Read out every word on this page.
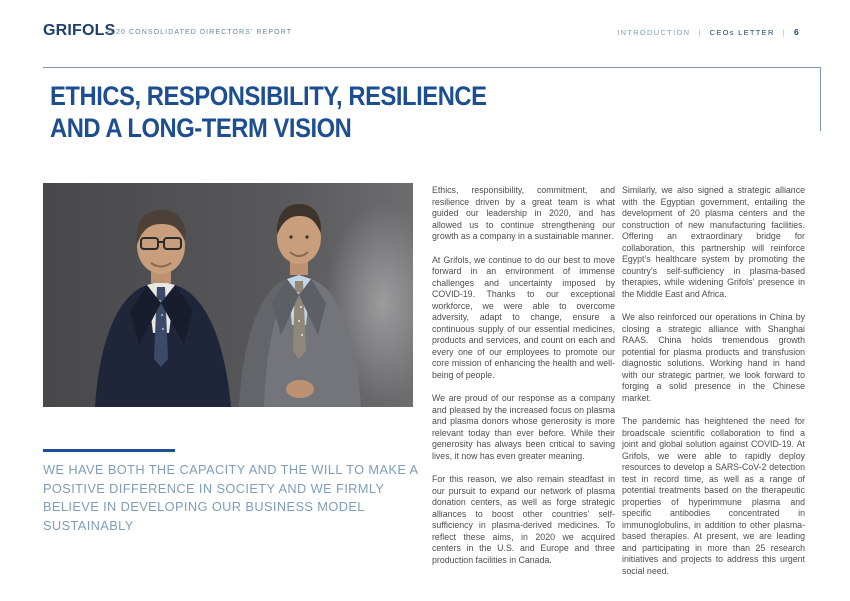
GRIFOLS
2020 CONSOLIDATED DIRECTORS' REPORT	INTRODUCTION | CEOs LETTER | 6
ETHICS, RESPONSIBILITY, RESILIENCE
AND A LONG-TERM VISION
WE HAVE BOTH THE CAPACITY AND THE WILL TO MAKE A POSITIVE DIFFERENCE IN SOCIETY AND WE FIRMLY BELIEVE IN DEVELOPING OUR BUSINESS MODEL SUSTAINABLY

Ethics, responsibility, commitment, and resilience driven by a great team is what guided our leadership in 2020, and has allowed us to continue strengthening our growth as a company in a sustainable manner.

At Grifols, we continue to do our best to move forward in an environment of immense challenges and uncertainty imposed by COVID-19. Thanks to our exceptional workforce, we were able to overcome adversity, adapt to change, ensure a continuous supply of our essential medicines, products and services, and count on each and every one of our employees to promote our core mission of enhancing the health and well-being of people.

We are proud of our response as a company and pleased by the increased focus on plasma and plasma donors whose generosity is more relevant today than ever before. While their generosity has always been critical to saving lives, it now has even greater meaning.

For this reason, we also remain steadfast in our pursuit to expand our network of plasma donation centers, as well as forge strategic alliances to boost other countries’ self-sufficiency in plasma-derived medicines. To reflect these aims, in 2020 we acquired centers in the U.S. and Europe and three production facilities in Canada.

Similarly, we also signed a strategic alliance with the Egyptian government, entailing the development of 20 plasma centers and the construction of new manufacturing facilities. Offering an extraordinary bridge for collaboration, this partnership will reinforce Egypt’s healthcare system by promoting the country’s self-sufficiency in plasma-based therapies, while widening Grifols’ presence in the Middle East and Africa.

We also reinforced our operations in China by closing a strategic alliance with Shanghai RAAS. China holds tremendous growth potential for plasma products and transfusion diagnostic solutions. Working hand in hand with our strategic partner, we look forward to forging a solid presence in the Chinese market.

The pandemic has heightened the need for broadscale scientific collaboration to find a joint and global solution against COVID-19. At Grifols, we were able to rapidly deploy resources to develop a SARS-CoV-2 detection test in record time, as well as a range of potential treatments based on the therapeutic properties of hyperimmune plasma and specific antibodies concentrated in immunoglobulins, in addition to other plasma-based therapies. At present, we are leading and participating in more than 25 research initiatives and projects to address this urgent social need.
